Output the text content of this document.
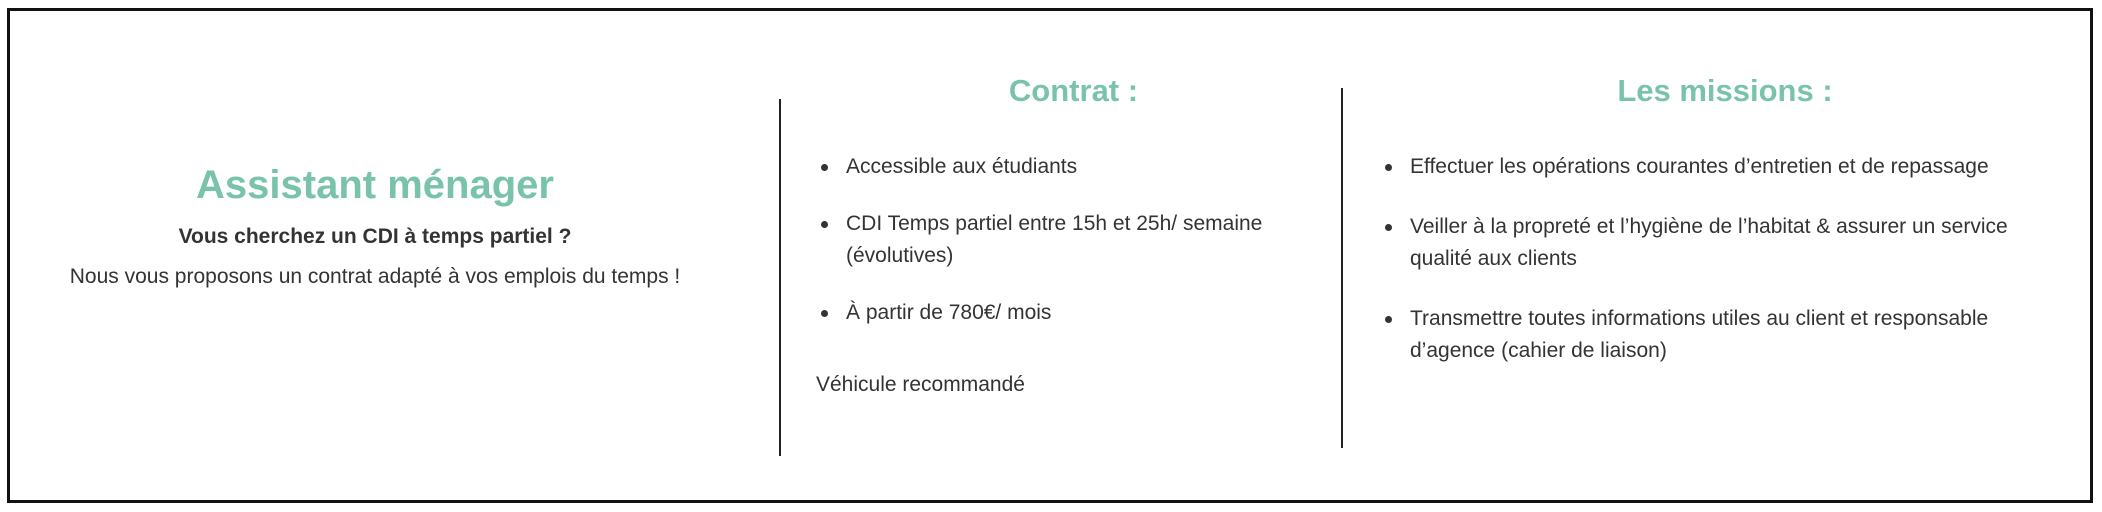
Assistant ménager

Vous cherchez un CDI à temps partiel ?

Nous vous proposons un contrat adapté à vos emplois du temps !

Contrat :
Accessible aux étudiants
CDI Temps partiel entre 15h et 25h/ semaine (évolutives)
À partir de 780€/ mois

Véhicule recommandé

Les missions :
Effectuer les opérations courantes d’entretien et de repassage
Veiller à la propreté et l’hygiène de l’habitat & assurer un service qualité aux clients
Transmettre toutes informations utiles au client et responsable d’agence (cahier de liaison)
